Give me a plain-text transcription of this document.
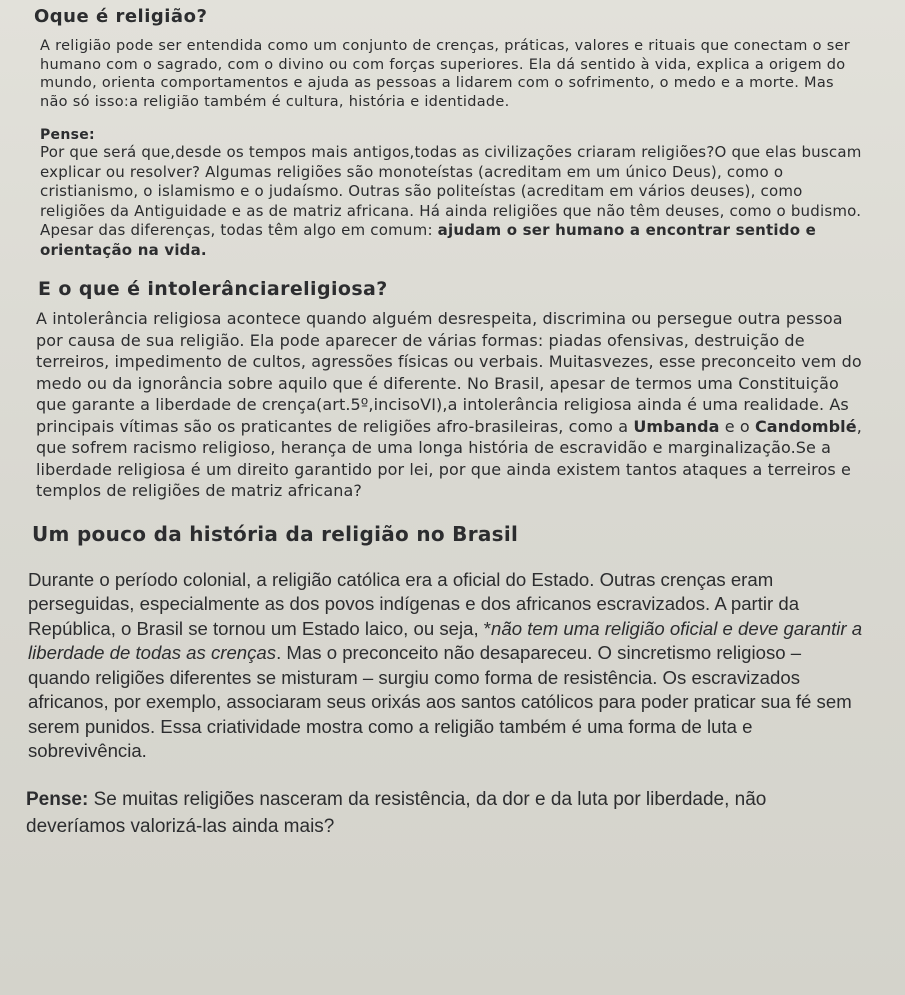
Oque é religião?

A religião pode ser entendida como um conjunto de crenças, práticas, valores e rituais que conectam o ser humano com o sagrado, com o divino ou com forças superiores. Ela dá sentido à vida, explica a origem do mundo, orienta comportamentos e ajuda as pessoas a lidarem com o sofrimento, o medo e a morte. Mas não só isso:a religião também é cultura, história e identidade.

Pense:

Por que será que,desde os tempos mais antigos,todas as civilizações criaram religiões?O que elas buscam explicar ou resolver? Algumas religiões são monoteístas (acreditam em um único Deus), como o cristianismo, o islamismo e o judaísmo. Outras são politeístas (acreditam em vários deuses), como religiões da Antiguidade e as de matriz africana. Há ainda religiões que não têm deuses, como o budismo. Apesar das diferenças, todas têm algo em comum: ajudam o ser humano a encontrar sentido e orientação na vida.

E o que é intolerânciareligiosa?

A intolerância religiosa acontece quando alguém desrespeita, discrimina ou persegue outra pessoa por causa de sua religião. Ela pode aparecer de várias formas: piadas ofensivas, destruição de terreiros, impedimento de cultos, agressões físicas ou verbais. Muitasvezes, esse preconceito vem do medo ou da ignorância sobre aquilo que é diferente. No Brasil, apesar de termos uma Constituição que garante a liberdade de crença(art.5º,incisoVI),a intolerância religiosa ainda é uma realidade. As principais vítimas são os praticantes de religiões afro-brasileiras, como a Umbanda e o Candomblé, que sofrem racismo religioso, herança de uma longa história de escravidão e marginalização.Se a liberdade religiosa é um direito garantido por lei, por que ainda existem tantos ataques a terreiros e templos de religiões de matriz africana?

Um pouco da história da religião no Brasil

Durante o período colonial, a religião católica era a oficial do Estado. Outras crenças eram perseguidas, especialmente as dos povos indígenas e dos africanos escravizados. A partir da República, o Brasil se tornou um Estado laico, ou seja, *não tem uma religião oficial e deve garantir a liberdade de todas as crenças. Mas o preconceito não desapareceu. O sincretismo religioso – quando religiões diferentes se misturam – surgiu como forma de resistência. Os escravizados africanos, por exemplo, associaram seus orixás aos santos católicos para poder praticar sua fé sem serem punidos. Essa criatividade mostra como a religião também é uma forma de luta e sobrevivência.

Pense: Se muitas religiões nasceram da resistência, da dor e da luta por liberdade, não deveríamos valorizá-las ainda mais?
